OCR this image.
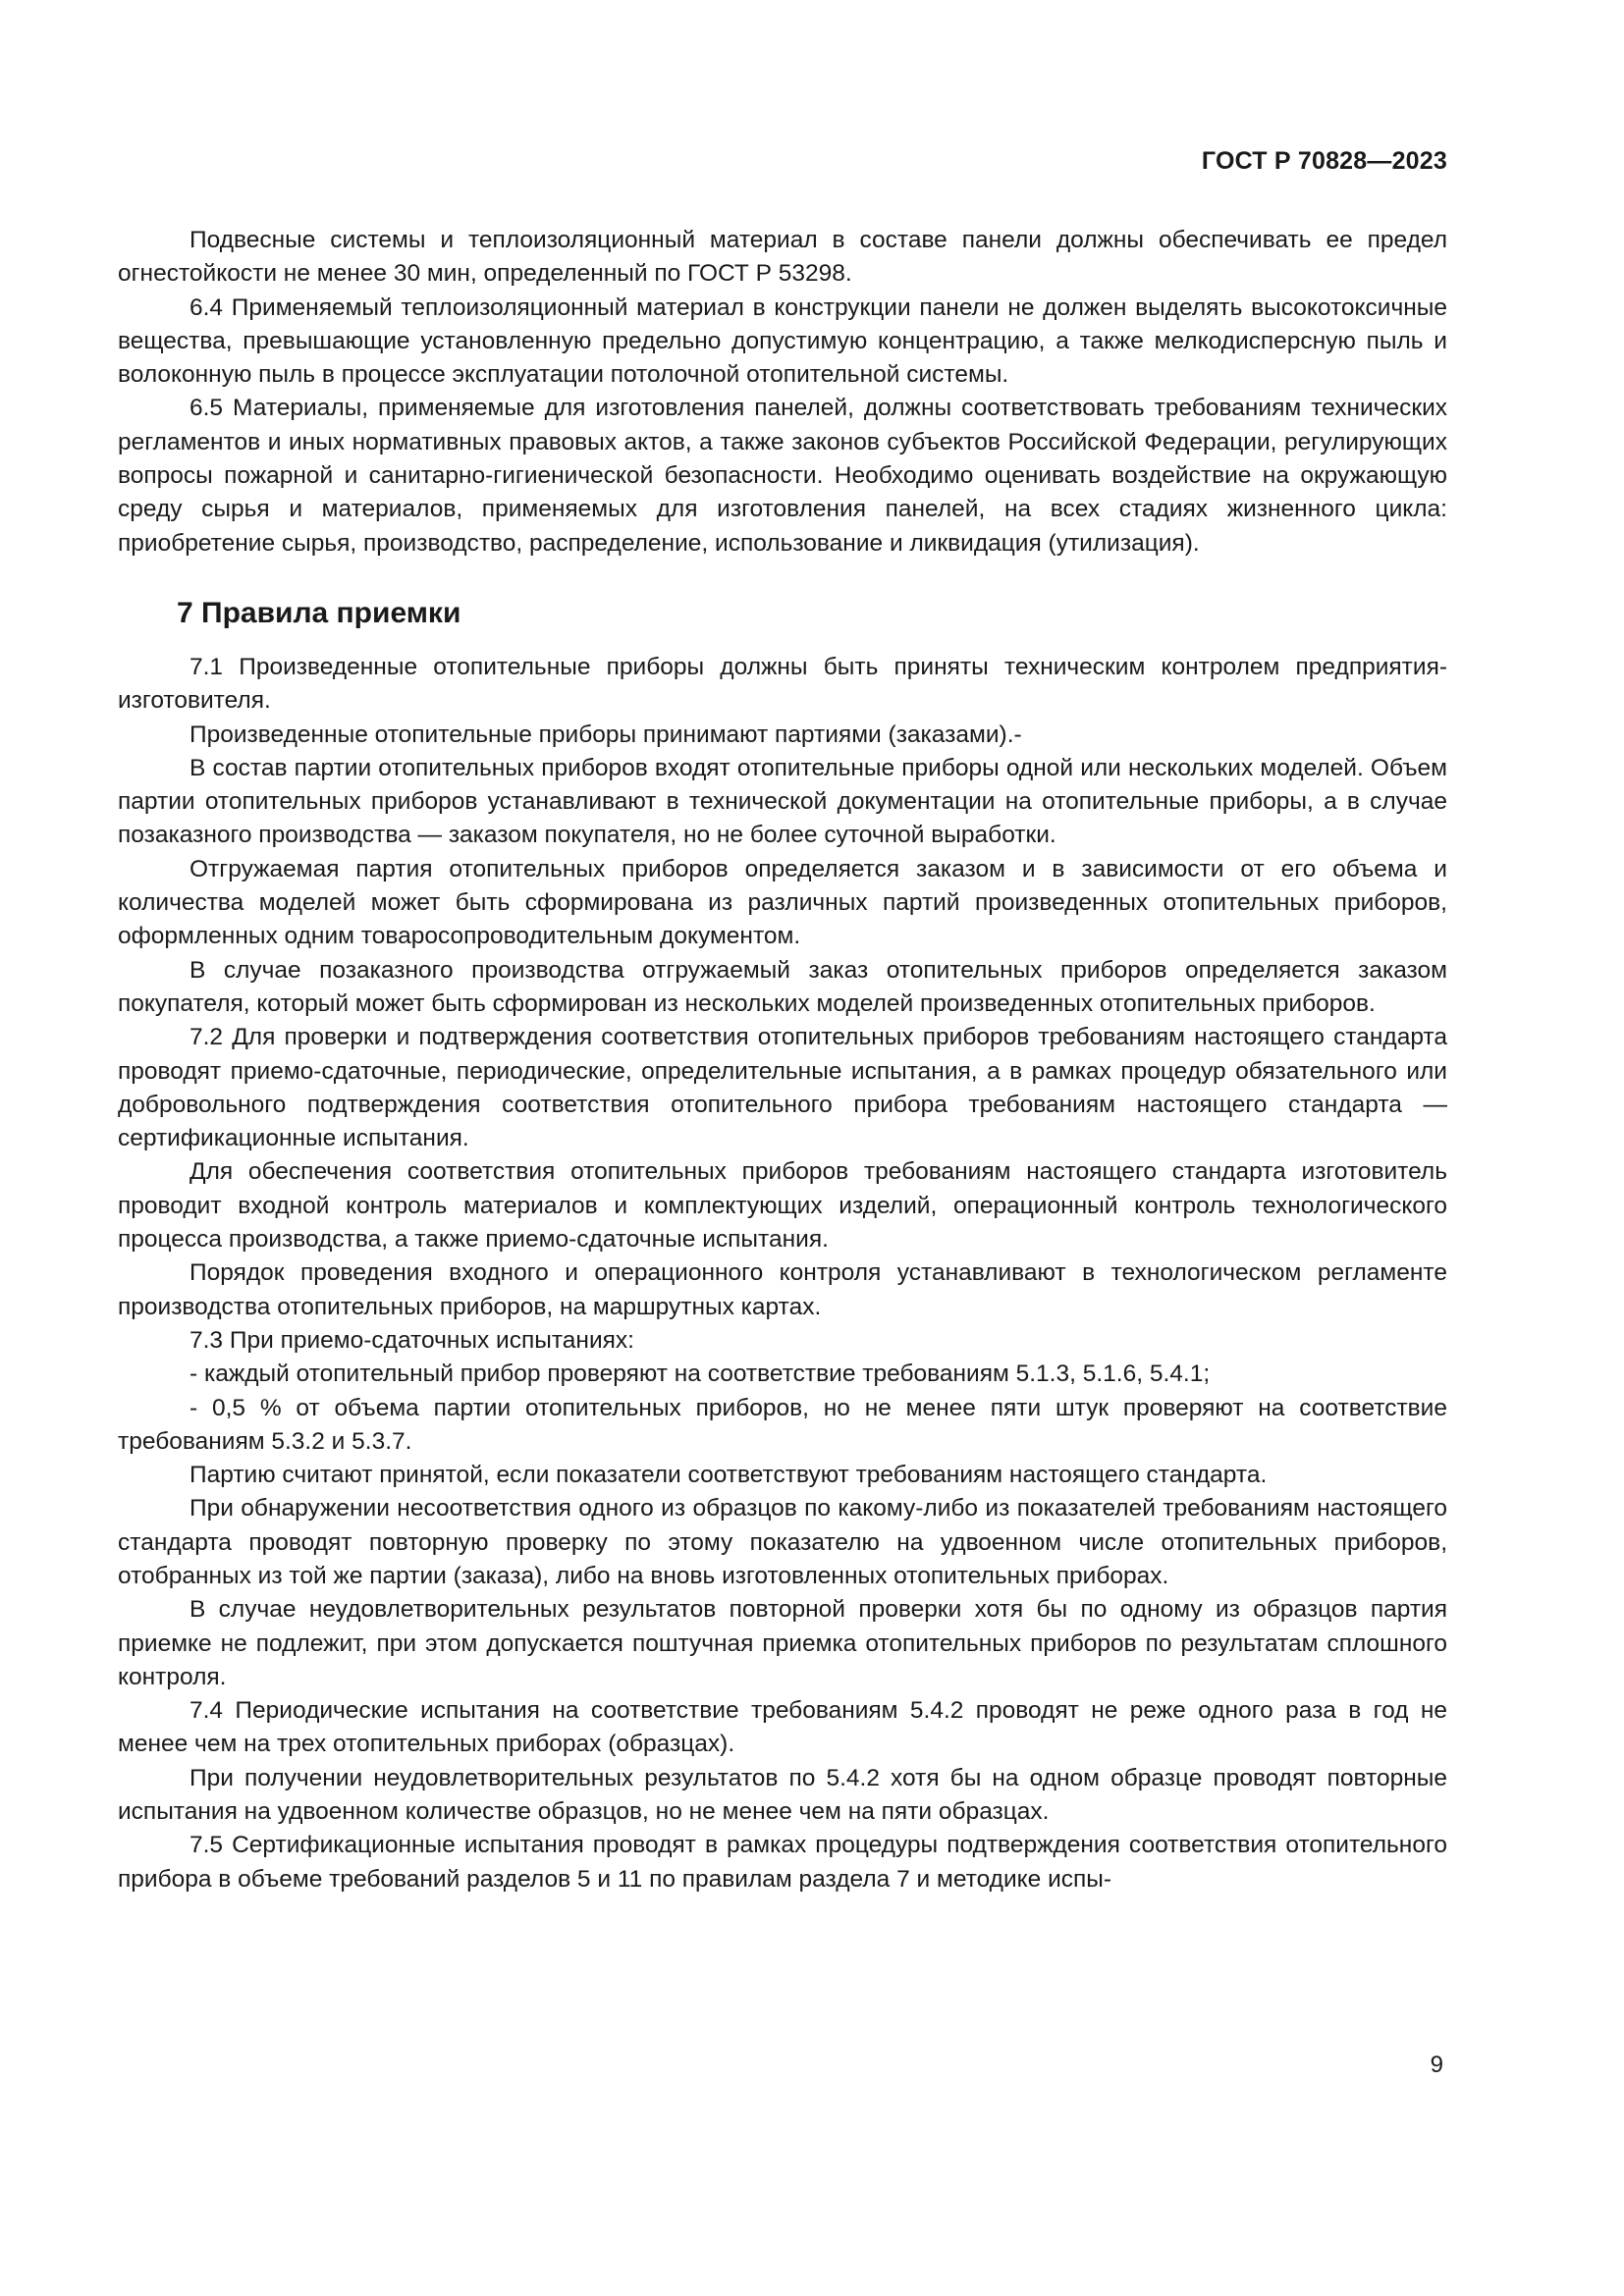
ГОСТ Р 70828—2023

Подвесные системы и теплоизоляционный материал в составе панели должны обеспечивать ее предел огнестойкости не менее 30 мин, определенный по ГОСТ Р 53298.

6.4 Применяемый теплоизоляционный материал в конструкции панели не должен выделять высокотоксичные вещества, превышающие установленную предельно допустимую концентрацию, а также мелкодисперсную пыль и волоконную пыль в процессе эксплуатации потолочной отопительной системы.

6.5 Материалы, применяемые для изготовления панелей, должны соответствовать требованиям технических регламентов и иных нормативных правовых актов, а также законов субъектов Российской Федерации, регулирующих вопросы пожарной и санитарно-гигиенической безопасности. Необходимо оценивать воздействие на окружающую среду сырья и материалов, применяемых для изготовления панелей, на всех стадиях жизненного цикла: приобретение сырья, производство, распределение, использование и ликвидация (утилизация).

7 Правила приемки

7.1 Произведенные отопительные приборы должны быть приняты техническим контролем предприятия-изготовителя.

Произведенные отопительные приборы принимают партиями (заказами).-

В состав партии отопительных приборов входят отопительные приборы одной или нескольких моделей. Объем партии отопительных приборов устанавливают в технической документации на отопительные приборы, а в случае позаказного производства — заказом покупателя, но не более суточной выработки.

Отгружаемая партия отопительных приборов определяется заказом и в зависимости от его объема и количества моделей может быть сформирована из различных партий произведенных отопительных приборов, оформленных одним товаросопроводительным документом.

В случае позаказного производства отгружаемый заказ отопительных приборов определяется заказом покупателя, который может быть сформирован из нескольких моделей произведенных отопительных приборов.

7.2 Для проверки и подтверждения соответствия отопительных приборов требованиям настоящего стандарта проводят приемо-сдаточные, периодические, определительные испытания, а в рамках процедур обязательного или добровольного подтверждения соответствия отопительного прибора требованиям настоящего стандарта — сертификационные испытания.

Для обеспечения соответствия отопительных приборов требованиям настоящего стандарта изготовитель проводит входной контроль материалов и комплектующих изделий, операционный контроль технологического процесса производства, а также приемо-сдаточные испытания.

Порядок проведения входного и операционного контроля устанавливают в технологическом регламенте производства отопительных приборов, на маршрутных картах.

7.3 При приемо-сдаточных испытаниях:

- каждый отопительный прибор проверяют на соответствие требованиям 5.1.3, 5.1.6, 5.4.1;

- 0,5 % от объема партии отопительных приборов, но не менее пяти штук проверяют на соответствие требованиям 5.3.2 и 5.3.7.

Партию считают принятой, если показатели соответствуют требованиям настоящего стандарта.

При обнаружении несоответствия одного из образцов по какому-либо из показателей требованиям настоящего стандарта проводят повторную проверку по этому показателю на удвоенном числе отопительных приборов, отобранных из той же партии (заказа), либо на вновь изготовленных отопительных приборах.

В случае неудовлетворительных результатов повторной проверки хотя бы по одному из образцов партия приемке не подлежит, при этом допускается поштучная приемка отопительных приборов по результатам сплошного контроля.

7.4 Периодические испытания на соответствие требованиям 5.4.2 проводят не реже одного раза в год не менее чем на трех отопительных приборах (образцах).

При получении неудовлетворительных результатов по 5.4.2 хотя бы на одном образце проводят повторные испытания на удвоенном количестве образцов, но не менее чем на пяти образцах.

7.5 Сертификационные испытания проводят в рамках процедуры подтверждения соответствия отопительного прибора в объеме требований разделов 5 и 11 по правилам раздела 7 и методике испы-

9
